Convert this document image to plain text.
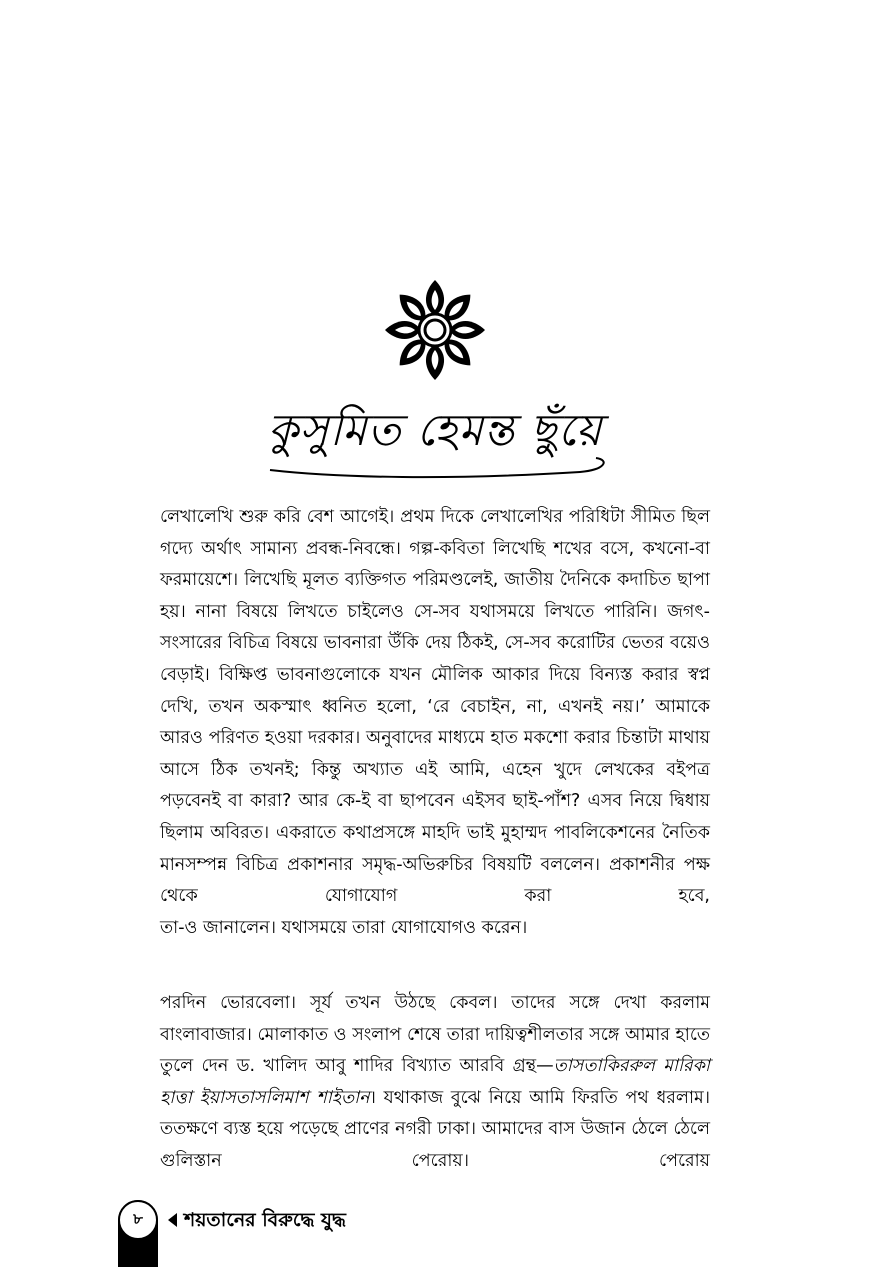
কুসুমিত হেমন্ত ছুঁয়ে

লেখালেখি শুরু করি বেশ আগেই। প্রথম দিকে লেখালেখির পরিধিটা সীমিত ছিল গদ্যে অর্থাৎ সামান্য প্রবন্ধ-নিবন্ধে। গল্প-কবিতা লিখেছি শখের বসে, কখনো-বা ফরমায়েশে। লিখেছি মূলত ব্যক্তিগত পরিমণ্ডলেই, জাতীয় দৈনিকে কদাচিত ছাপা হয়। নানা বিষয়ে লিখতে চাইলেও সে-সব যথাসময়ে লিখতে পারিনি। জগৎ-সংসারের বিচিত্র বিষয়ে ভাবনারা উঁকি দেয় ঠিকই, সে-সব করোটির ভেতর বয়েও বেড়াই। বিক্ষিপ্ত ভাবনাগুলোকে যখন মৌলিক আকার দিয়ে বিন্যস্ত করার স্বপ্ন দেখি, তখন অকস্মাৎ ধ্বনিত হলো, ‘রে বেচাইন, না, এখনই নয়।’ আমাকে আরও পরিণত হওয়া দরকার। অনুবাদের মাধ্যমে হাত মকশো করার চিন্তাটা মাথায় আসে ঠিক তখনই; কিন্তু অখ্যাত এই আমি, এহেন খুদে লেখকের বইপত্র পড়বেনই বা কারা? আর কে-ই বা ছাপবেন এইসব ছাই-পাঁশ? এসব নিয়ে দ্বিধায় ছিলাম অবিরত। একরাতে কথাপ্রসঙ্গে মাহদি ভাই মুহাম্মদ পাবলিকেশনের নৈতিক মানসম্পন্ন বিচিত্র প্রকাশনার সমৃদ্ধ-অভিরুচির বিষয়টি বললেন। প্রকাশনীর পক্ষ থেকে যোগাযোগ করা হবে,

তা-ও জানালেন। যথাসময়ে তারা যোগাযোগও করেন।

পরদিন ভোরবেলা। সূর্য তখন উঠছে কেবল। তাদের সঙ্গে দেখা করলাম বাংলাবাজার। মোলাকাত ও সংলাপ শেষে তারা দায়িত্বশীলতার সঙ্গে আমার হাতে তুলে দেন ড. খালিদ আবু শাদির বিখ্যাত আরবি গ্রন্থ—তাসতাকিররুল মারিকা হাত্তা ইয়াসতাসলিমাশ শাইতান। যথাকাজ বুঝে নিয়ে আমি ফিরতি পথ ধরলাম। ততক্ষণে ব্যস্ত হয়ে পড়েছে প্রাণের নগরী ঢাকা। আমাদের বাস উজান ঠেলে ঠেলে গুলিস্তান পেরোয়। পেরোয়

৮	শয়তানের বিরুদ্ধে যুদ্ধ
